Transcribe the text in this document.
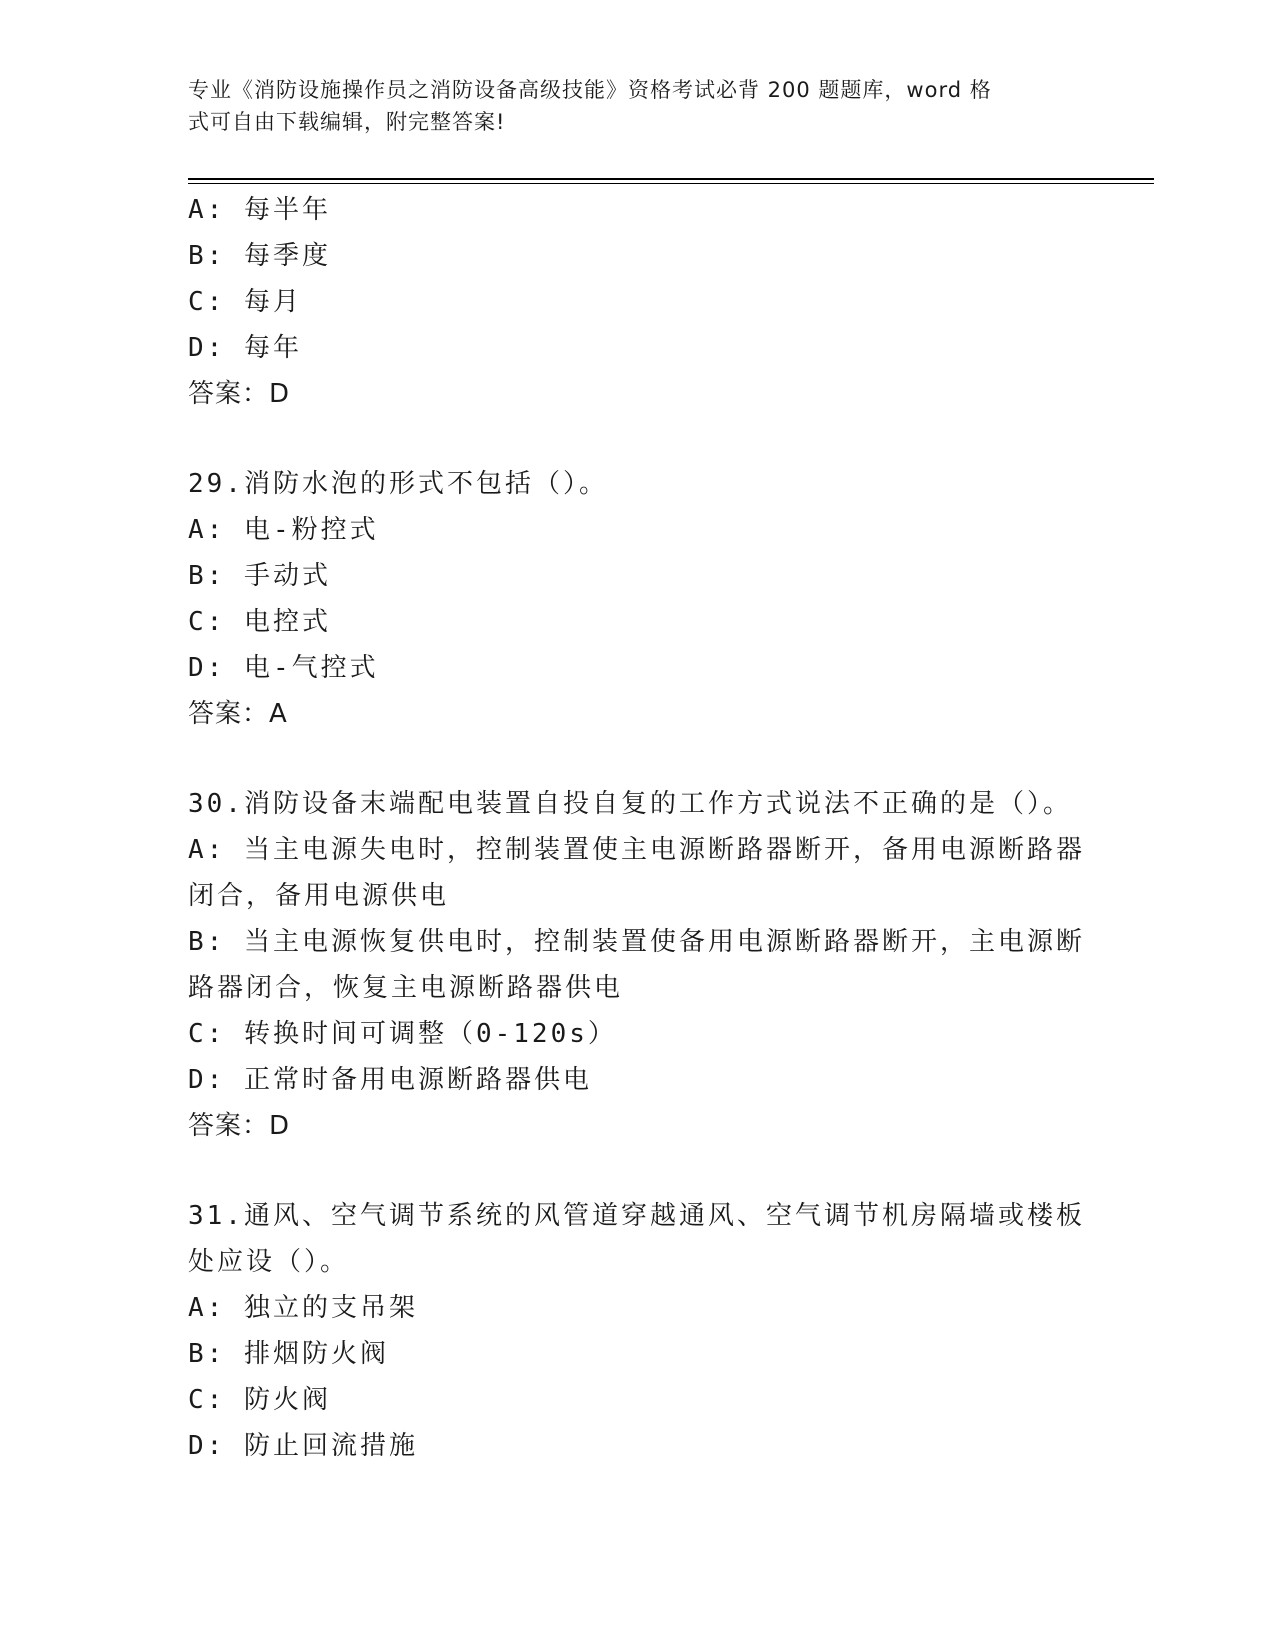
专业《消防设施操作员之消防设备高级技能》资格考试必背 200 题题库，word 格
式可自由下载编辑，附完整答案!
A: 每半年
B: 每季度
C: 每月
D: 每年
答案：D
29.消防水泡的形式不包括（）。
A: 电-粉控式
B: 手动式
C: 电控式
D: 电-气控式
答案：A
30.消防设备末端配电装置自投自复的工作方式说法不正确的是（）。
A: 当主电源失电时，控制装置使主电源断路器断开，备用电源断路器
闭合，备用电源供电
B: 当主电源恢复供电时，控制装置使备用电源断路器断开，主电源断
路器闭合，恢复主电源断路器供电
C: 转换时间可调整（0-120s）
D: 正常时备用电源断路器供电
答案：D
31.通风、空气调节系统的风管道穿越通风、空气调节机房隔墙或楼板
处应设（）。
A: 独立的支吊架
B: 排烟防火阀
C: 防火阀
D: 防止回流措施
